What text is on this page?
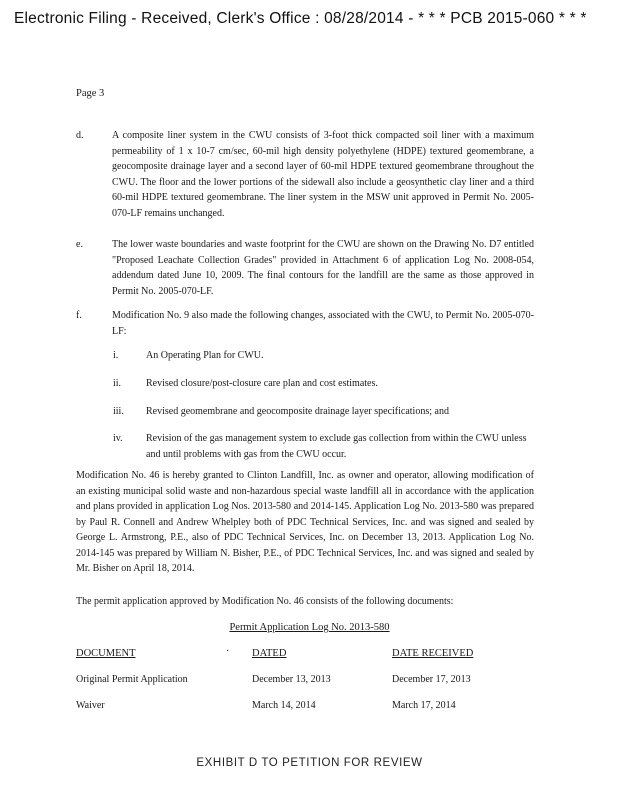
Electronic Filing - Received, Clerk's Office : 08/28/2014 - * * * PCB 2015-060 * * *
Page 3
d.	A composite liner system in the CWU consists of 3-foot thick compacted soil liner with a maximum permeability of 1 x 10-7 cm/sec, 60-mil high density polyethylene (HDPE) textured geomembrane, a geocomposite drainage layer and a second layer of 60-mil HDPE textured geomembrane throughout the CWU. The floor and the lower portions of the sidewall also include a geosynthetic clay liner and a third 60-mil HDPE textured geomembrane. The liner system in the MSW unit approved in Permit No. 2005-070-LF remains unchanged.
e.	The lower waste boundaries and waste footprint for the CWU are shown on the Drawing No. D7 entitled "Proposed Leachate Collection Grades" provided in Attachment 6 of application Log No. 2008-054, addendum dated June 10, 2009. The final contours for the landfill are the same as those approved in Permit No. 2005-070-LF.
f.	Modification No. 9 also made the following changes, associated with the CWU, to Permit No. 2005-070-LF:
i.	An Operating Plan for CWU.
ii. Revised closure/post-closure care plan and cost estimates.
iii. Revised geomembrane and geocomposite drainage layer specifications; and
iv. Revision of the gas management system to exclude gas collection from within the CWU unless and until problems with gas from the CWU occur.
Modification No. 46 is hereby granted to Clinton Landfill, Inc. as owner and operator, allowing modification of an existing municipal solid waste and non-hazardous special waste landfill all in accordance with the application and plans provided in application Log Nos. 2013-580 and 2014-145. Application Log No. 2013-580 was prepared by Paul R. Connell and Andrew Whelpley both of PDC Technical Services, Inc. and was signed and sealed by George L. Armstrong, P.E., also of PDC Technical Services, Inc. on December 13, 2013. Application Log No. 2014-145 was prepared by William N. Bisher, P.E., of PDC Technical Services, Inc. and was signed and sealed by Mr. Bisher on April 18, 2014.
The permit application approved by Modification No. 46 consists of the following documents:
Permit Application Log No. 2013-580
DOCUMENT	· DATED	DATE RECEIVED
Original Permit Application	December 13, 2013	December 17, 2013
Waiver	March 14, 2014	March 17, 2014
EXHIBIT D TO PETITION FOR REVIEW
